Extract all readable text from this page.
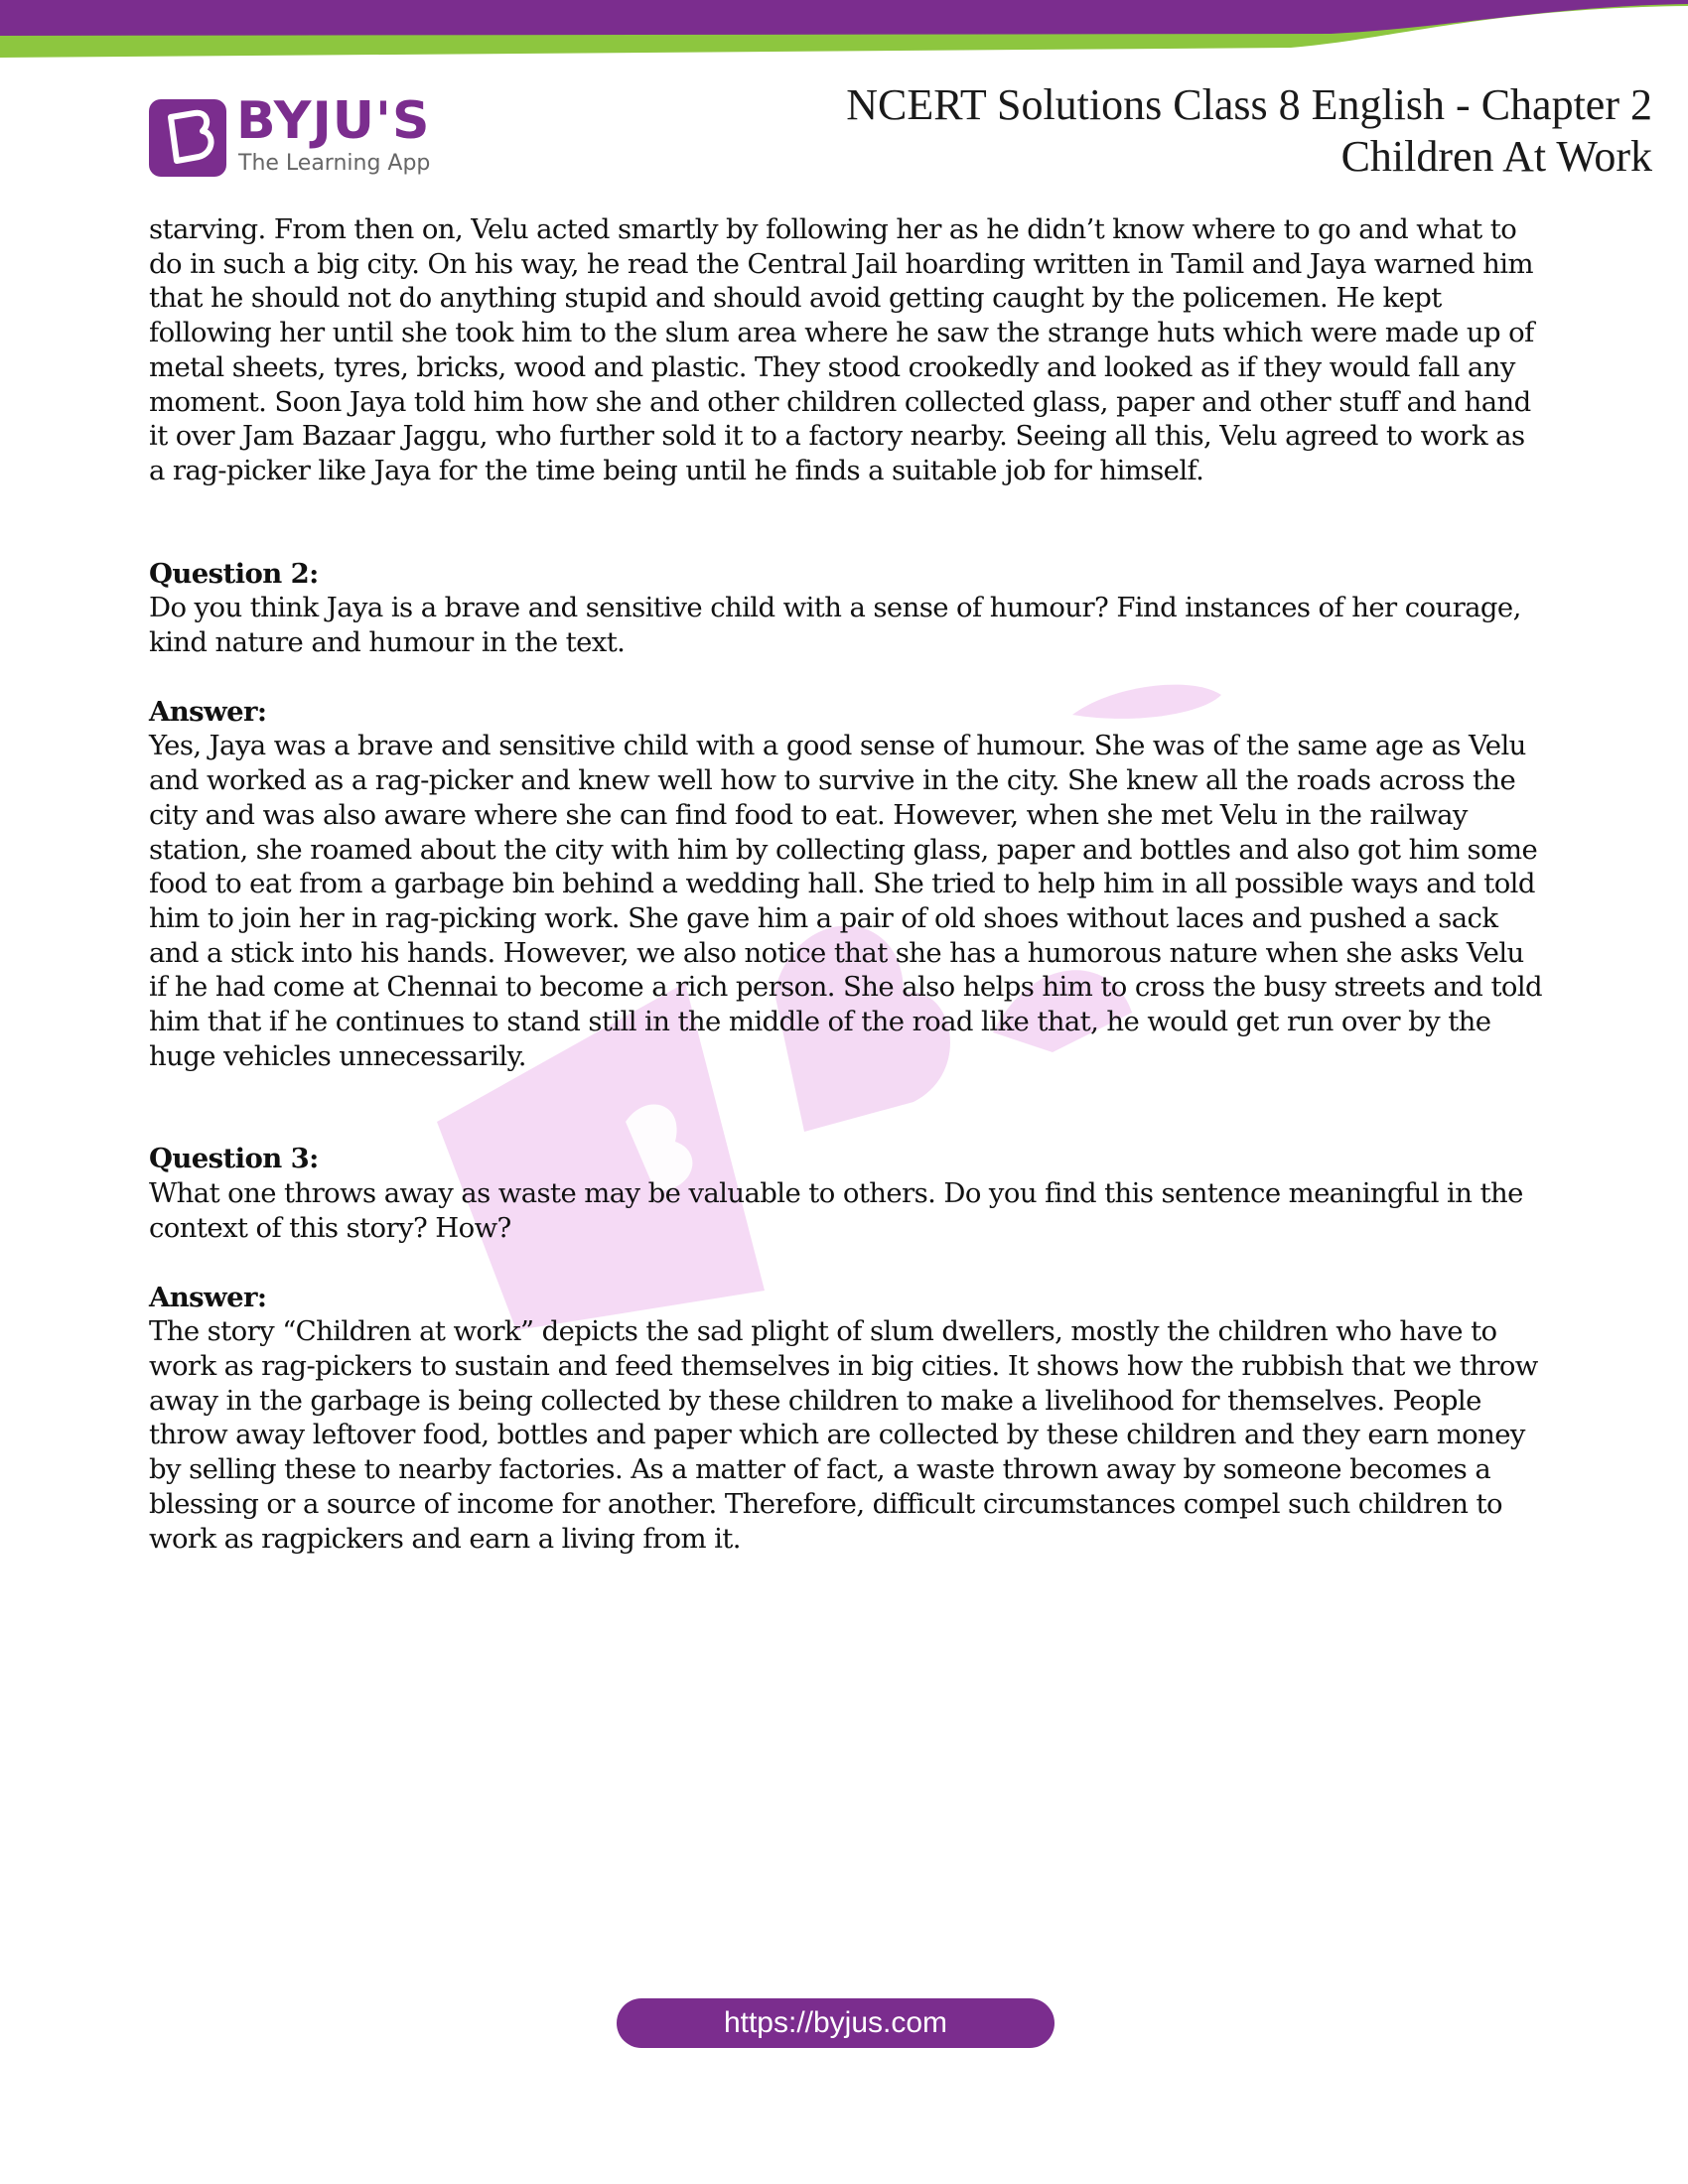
BYJU'S
The Learning App
NCERT Solutions Class 8 English - Chapter 2
Children At Work

starving. From then on, Velu acted smartly by following her as he didn’t know where to go and what to do in such a big city. On his way, he read the Central Jail hoarding written in Tamil and Jaya warned him that he should not do anything stupid and should avoid getting caught by the policemen. He kept following her until she took him to the slum area where he saw the strange huts which were made up of metal sheets, tyres, bricks, wood and plastic. They stood crookedly and looked as if they would fall any moment. Soon Jaya told him how she and other children collected glass, paper and other stuff and hand it over Jam Bazaar Jaggu, who further sold it to a factory nearby. Seeing all this, Velu agreed to work as a rag-picker like Jaya for the time being until he finds a suitable job for himself.

Question 2:

Do you think Jaya is a brave and sensitive child with a sense of humour? Find instances of her courage, kind nature and humour in the text.

Answer:

Yes, Jaya was a brave and sensitive child with a good sense of humour. She was of the same age as Velu and worked as a rag-picker and knew well how to survive in the city. She knew all the roads across the city and was also aware where she can find food to eat. However, when she met Velu in the railway station, she roamed about the city with him by collecting glass, paper and bottles and also got him some food to eat from a garbage bin behind a wedding hall. She tried to help him in all possible ways and told him to join her in rag-picking work. She gave him a pair of old shoes without laces and pushed a sack and a stick into his hands. However, we also notice that she has a humorous nature when she asks Velu if he had come at Chennai to become a rich person. She also helps him to cross the busy streets and told him that if he continues to stand still in the middle of the road like that, he would get run over by the huge vehicles unnecessarily.

Question 3:

What one throws away as waste may be valuable to others. Do you find this sentence meaningful in the context of this story? How?

Answer:

The story “Children at work” depicts the sad plight of slum dwellers, mostly the children who have to work as rag-pickers to sustain and feed themselves in big cities. It shows how the rubbish that we throw away in the garbage is being collected by these children to make a livelihood for themselves. People throw away leftover food, bottles and paper which are collected by these children and they earn money by selling these to nearby factories. As a matter of fact, a waste thrown away by someone becomes a blessing or a source of income for another. Therefore, difficult circumstances compel such children to work as ragpickers and earn a living from it.

https://byjus.com
